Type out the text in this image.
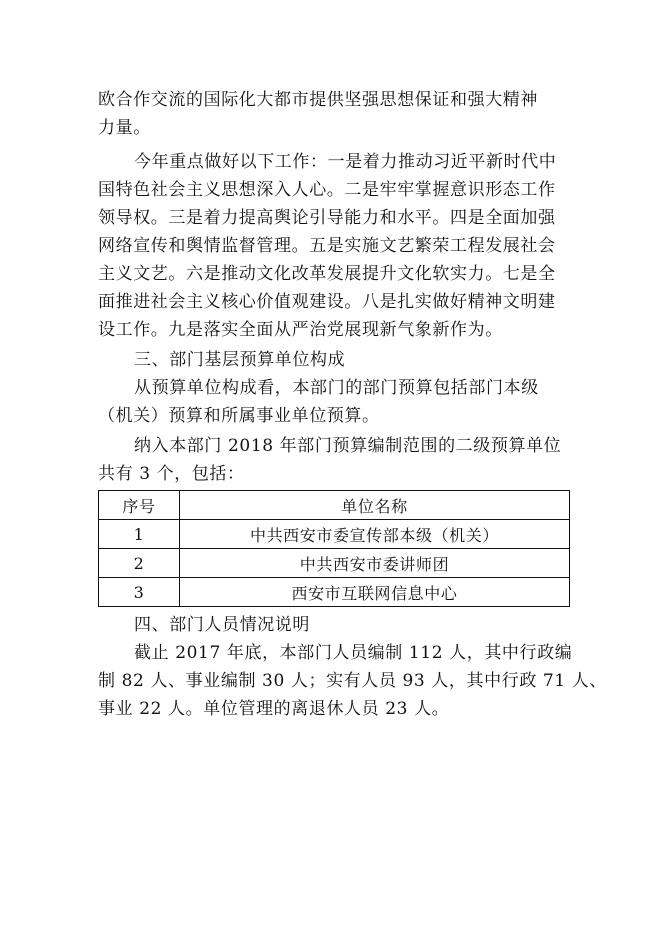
欧合作交流的国际化大都市提供坚强思想保证和强大精神
力量。
今年重点做好以下工作：一是着力推动习近平新时代中
国特色社会主义思想深入人心。二是牢牢掌握意识形态工作
领导权。三是着力提高舆论引导能力和水平。四是全面加强
网络宣传和舆情监督管理。五是实施文艺繁荣工程发展社会
主义文艺。六是推动文化改革发展提升文化软实力。七是全
面推进社会主义核心价值观建设。八是扎实做好精神文明建
设工作。九是落实全面从严治党展现新气象新作为。
三、部门基层预算单位构成
从预算单位构成看，本部门的部门预算包括部门本级
（机关）预算和所属事业单位预算。
纳入本部门 2018 年部门预算编制范围的二级预算单位
共有 3 个，包括：
序号	单位名称
1	中共西安市委宣传部本级（机关）
2	中共西安市委讲师团
3	西安市互联网信息中心
四、部门人员情况说明
截止 2017 年底，本部门人员编制 112 人，其中行政编
制 82 人、事业编制 30 人；实有人员 93 人，其中行政 71 人、
事业 22 人。单位管理的离退休人员 23 人。
